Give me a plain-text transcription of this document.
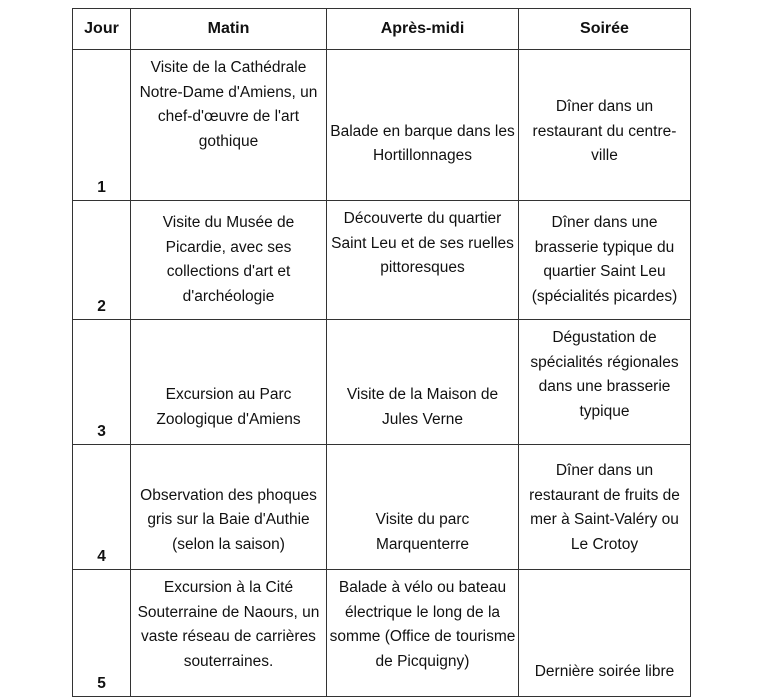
Jour	Matin	Après-midi	Soirée
1	Visite de la Cathédrale Notre-Dame d'Amiens, un chef-d'œuvre de l'art gothique	Balade en barque dans les Hortillonnages	Dîner dans un restaurant du centre-ville
2	Visite du Musée de Picardie, avec ses collections d'art et d'archéologie	Découverte du quartier Saint Leu et de ses ruelles pittoresques	Dîner dans une brasserie typique du quartier Saint Leu (spécialités picardes)
3	Excursion au Parc Zoologique d'Amiens	Visite de la Maison de Jules Verne	Dégustation de spécialités régionales dans une brasserie typique
4	Observation des phoques gris sur la Baie d'Authie (selon la saison)	Visite du parc Marquenterre	Dîner dans un restaurant de fruits de mer à Saint-Valéry ou Le Crotoy
5	Excursion à la Cité Souterraine de Naours, un vaste réseau de carrières souterraines.	Balade à vélo ou bateau électrique le long de la somme (Office de tourisme de Picquigny)	Dernière soirée libre
